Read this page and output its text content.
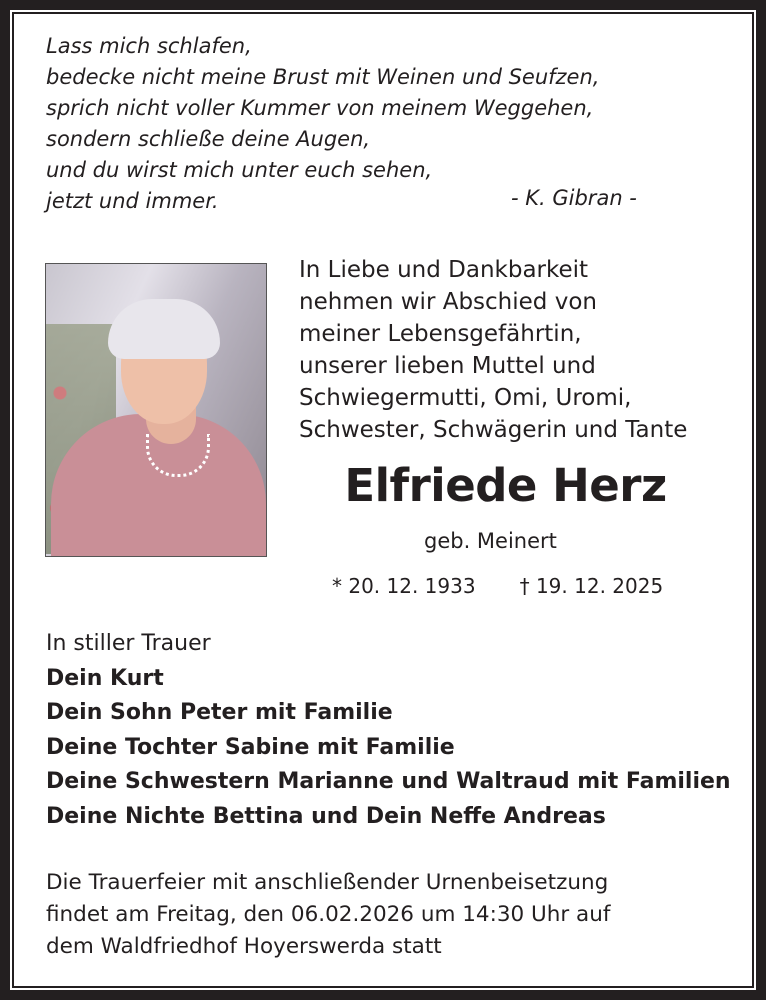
Lass mich schlafen,
bedecke nicht meine Brust mit Weinen und Seufzen,
sprich nicht voller Kummer von meinem Weggehen,
sondern schließe deine Augen,
und du wirst mich unter euch sehen,
jetzt und immer.	- K. Gibran -
In Liebe und Dankbarkeit
nehmen wir Abschied von
meiner Lebensgefährtin,
unserer lieben Muttel und
Schwiegermutti, Omi, Uromi,
Schwester, Schwägerin und Tante
Elfriede Herz
geb. Meinert
* 20. 12. 1933 † 19. 12. 2025
In stiller Trauer
Dein Kurt
Dein Sohn Peter mit Familie
Deine Tochter Sabine mit Familie
Deine Schwestern Marianne und Waltraud mit Familien
Deine Nichte Bettina und Dein Neffe Andreas
Die Trauerfeier mit anschließender Urnenbeisetzung
findet am Freitag, den 06.02.2026 um 14:30 Uhr auf
dem Waldfriedhof Hoyerswerda statt
